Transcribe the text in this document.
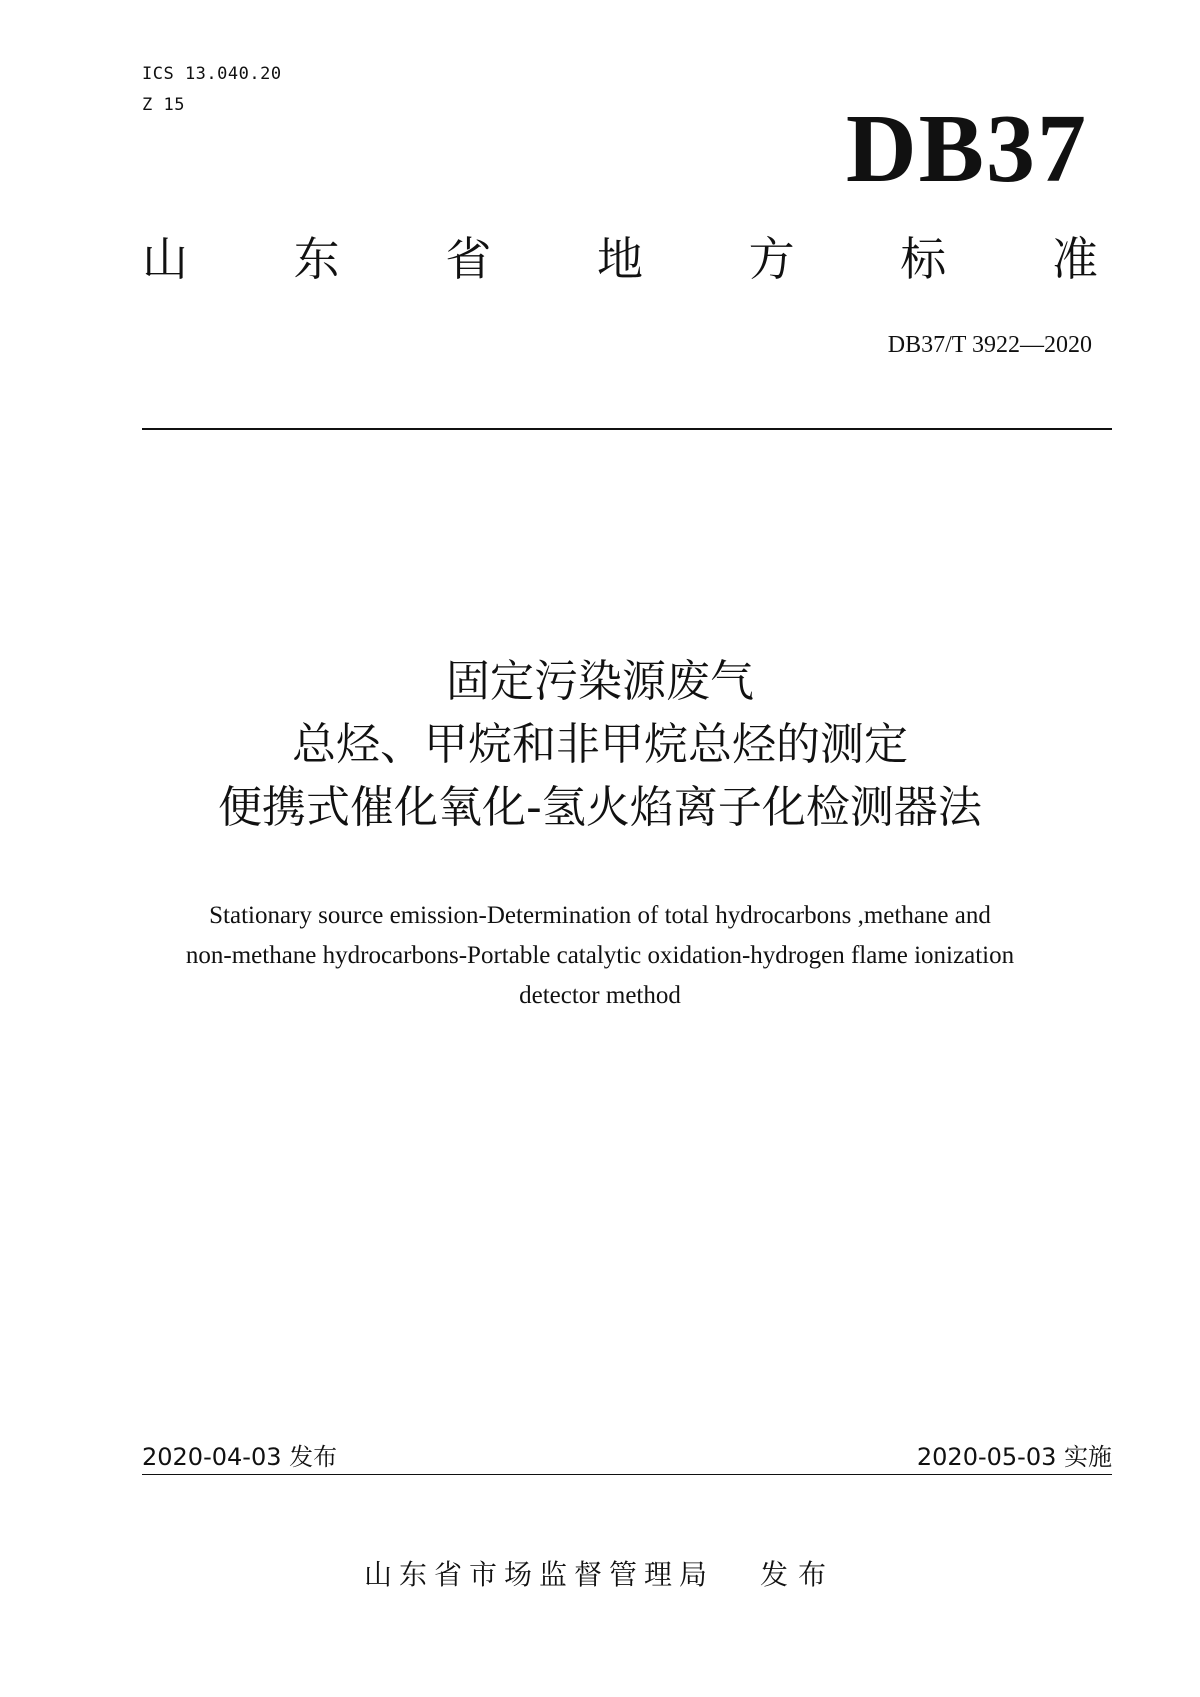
ICS 13.040.20
Z 15	DB37
山 东 省 地 方 标 准
DB37/T 3922—2020
固定污染源废气
总烃、甲烷和非甲烷总烃的测定
便携式催化氧化-氢火焰离子化检测器法
Stationary source emission-Determination of total hydrocarbons ,methane and
non-methane hydrocarbons-Portable catalytic oxidation-hydrogen flame ionization
detector method
2020-04-03 发布	2020-05-03 实施
山东省市场监督管理局 发布
